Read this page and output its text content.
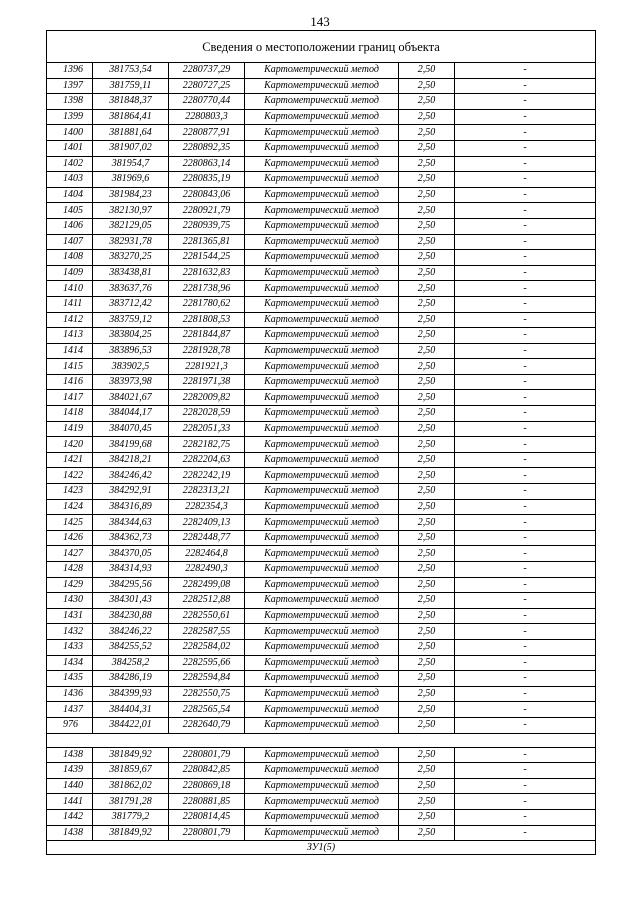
143
Сведения о местоположении границ объекта					
1396	381753,54	2280737,29	Картометрический метод	2,50	-
1397	381759,11	2280727,25	Картометрический метод	2,50	-
1398	381848,37	2280770,44	Картометрический метод	2,50	-
1399	381864,41	2280803,3	Картометрический метод	2,50	-
1400	381881,64	2280877,91	Картометрический метод	2,50	-
1401	381907,02	2280892,35	Картометрический метод	2,50	-
1402	381954,7	2280863,14	Картометрический метод	2,50	-
1403	381969,6	2280835,19	Картометрический метод	2,50	-
1404	381984,23	2280843,06	Картометрический метод	2,50	-
1405	382130,97	2280921,79	Картометрический метод	2,50	-
1406	382129,05	2280939,75	Картометрический метод	2,50	-
1407	382931,78	2281365,81	Картометрический метод	2,50	-
1408	383270,25	2281544,25	Картометрический метод	2,50	-
1409	383438,81	2281632,83	Картометрический метод	2,50	-
1410	383637,76	2281738,96	Картометрический метод	2,50	-
1411	383712,42	2281780,62	Картометрический метод	2,50	-
1412	383759,12	2281808,53	Картометрический метод	2,50	-
1413	383804,25	2281844,87	Картометрический метод	2,50	-
1414	383896,53	2281928,78	Картометрический метод	2,50	-
1415	383902,5	2281921,3	Картометрический метод	2,50	-
1416	383973,98	2281971,38	Картометрический метод	2,50	-
1417	384021,67	2282009,82	Картометрический метод	2,50	-
1418	384044,17	2282028,59	Картометрический метод	2,50	-
1419	384070,45	2282051,33	Картометрический метод	2,50	-
1420	384199,68	2282182,75	Картометрический метод	2,50	-
1421	384218,21	2282204,63	Картометрический метод	2,50	-
1422	384246,42	2282242,19	Картометрический метод	2,50	-
1423	384292,91	2282313,21	Картометрический метод	2,50	-
1424	384316,89	2282354,3	Картометрический метод	2,50	-
1425	384344,63	2282409,13	Картометрический метод	2,50	-
1426	384362,73	2282448,77	Картометрический метод	2,50	-
1427	384370,05	2282464,8	Картометрический метод	2,50	-
1428	384314,93	2282490,3	Картометрический метод	2,50	-
1429	384295,56	2282499,08	Картометрический метод	2,50	-
1430	384301,43	2282512,88	Картометрический метод	2,50	-
1431	384230,88	2282550,61	Картометрический метод	2,50	-
1432	384246,22	2282587,55	Картометрический метод	2,50	-
1433	384255,52	2282584,02	Картометрический метод	2,50	-
1434	384258,2	2282595,66	Картометрический метод	2,50	-
1435	384286,19	2282594,84	Картометрический метод	2,50	-
1436	384399,93	2282550,75	Картометрический метод	2,50	-
1437	384404,31	2282565,54	Картометрический метод	2,50	-
976	384422,01	2282640,79	Картометрический метод	2,50	-

1438	381849,92	2280801,79	Картометрический метод	2,50	-
1439	381859,67	2280842,85	Картометрический метод	2,50	-
1440	381862,02	2280869,18	Картометрический метод	2,50	-
1441	381791,28	2280881,85	Картометрический метод	2,50	-
1442	381779,2	2280814,45	Картометрический метод	2,50	-
1438	381849,92	2280801,79	Картометрический метод	2,50	-
ЗУ1(5)					
